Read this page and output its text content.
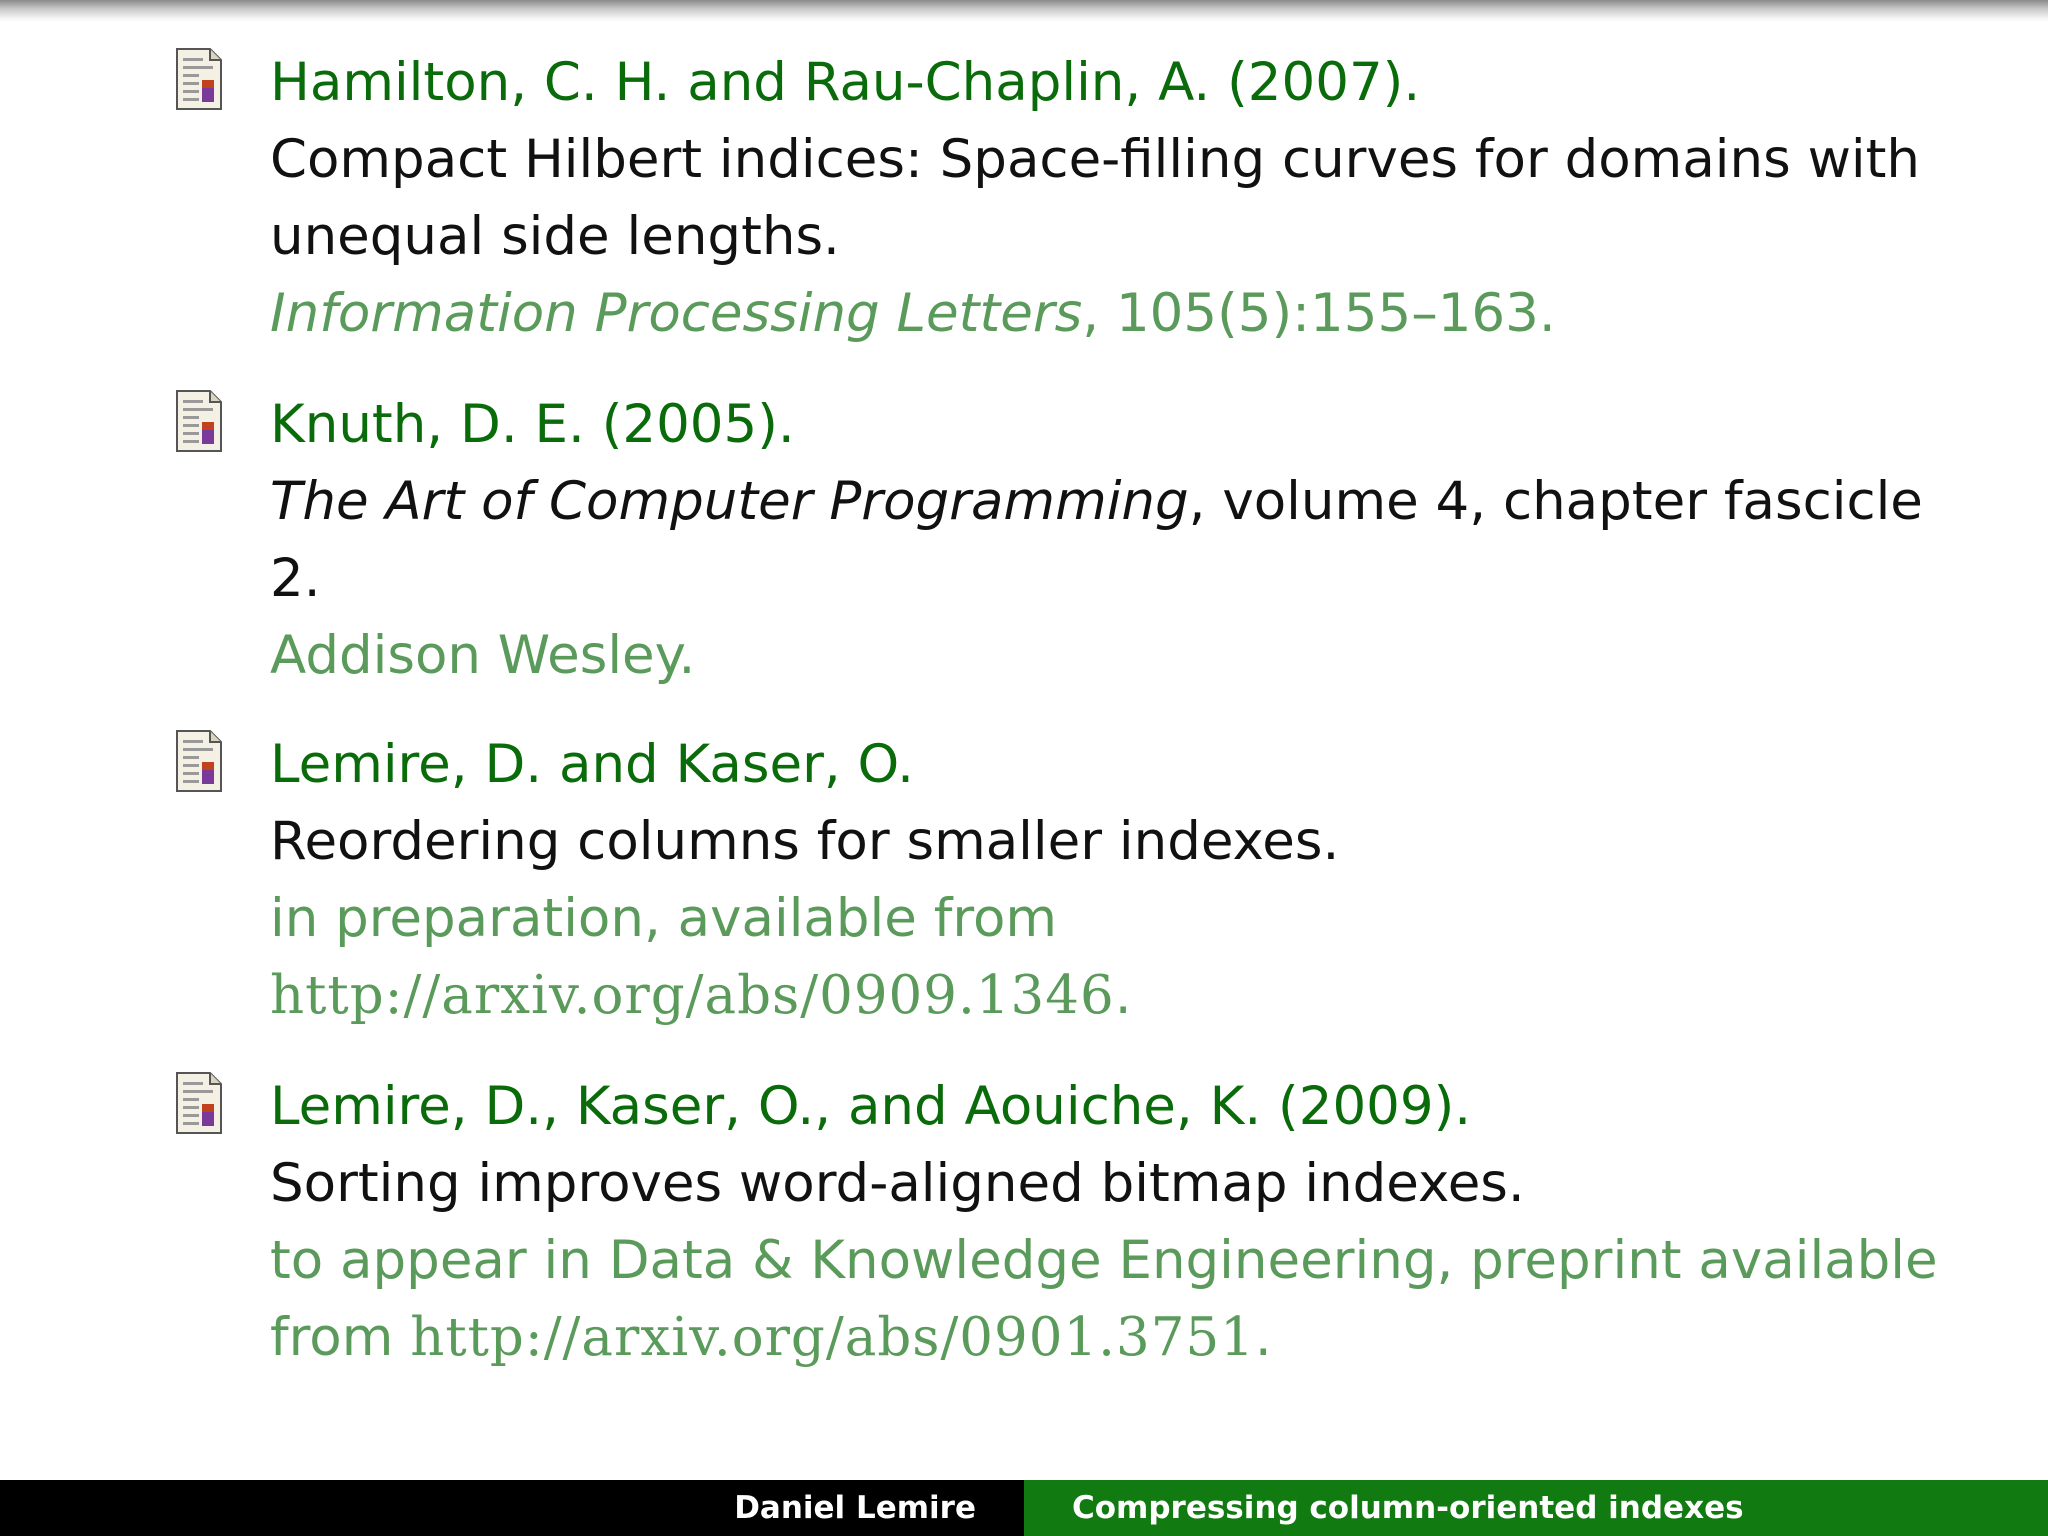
Hamilton, C. H. and Rau-Chaplin, A. (2007).
Compact Hilbert indices: Space-filling curves for domains with
unequal side lengths.
Information Processing Letters, 105(5):155–163.
Knuth, D. E. (2005).
The Art of Computer Programming, volume 4, chapter fascicle
2.
Addison Wesley.
Lemire, D. and Kaser, O.
Reordering columns for smaller indexes.
in preparation, available from
http://arxiv.org/abs/0909.1346.
Lemire, D., Kaser, O., and Aouiche, K. (2009).
Sorting improves word-aligned bitmap indexes.
to appear in Data & Knowledge Engineering, preprint available
from http://arxiv.org/abs/0901.3751.
Daniel Lemire	Compressing column-oriented indexes
